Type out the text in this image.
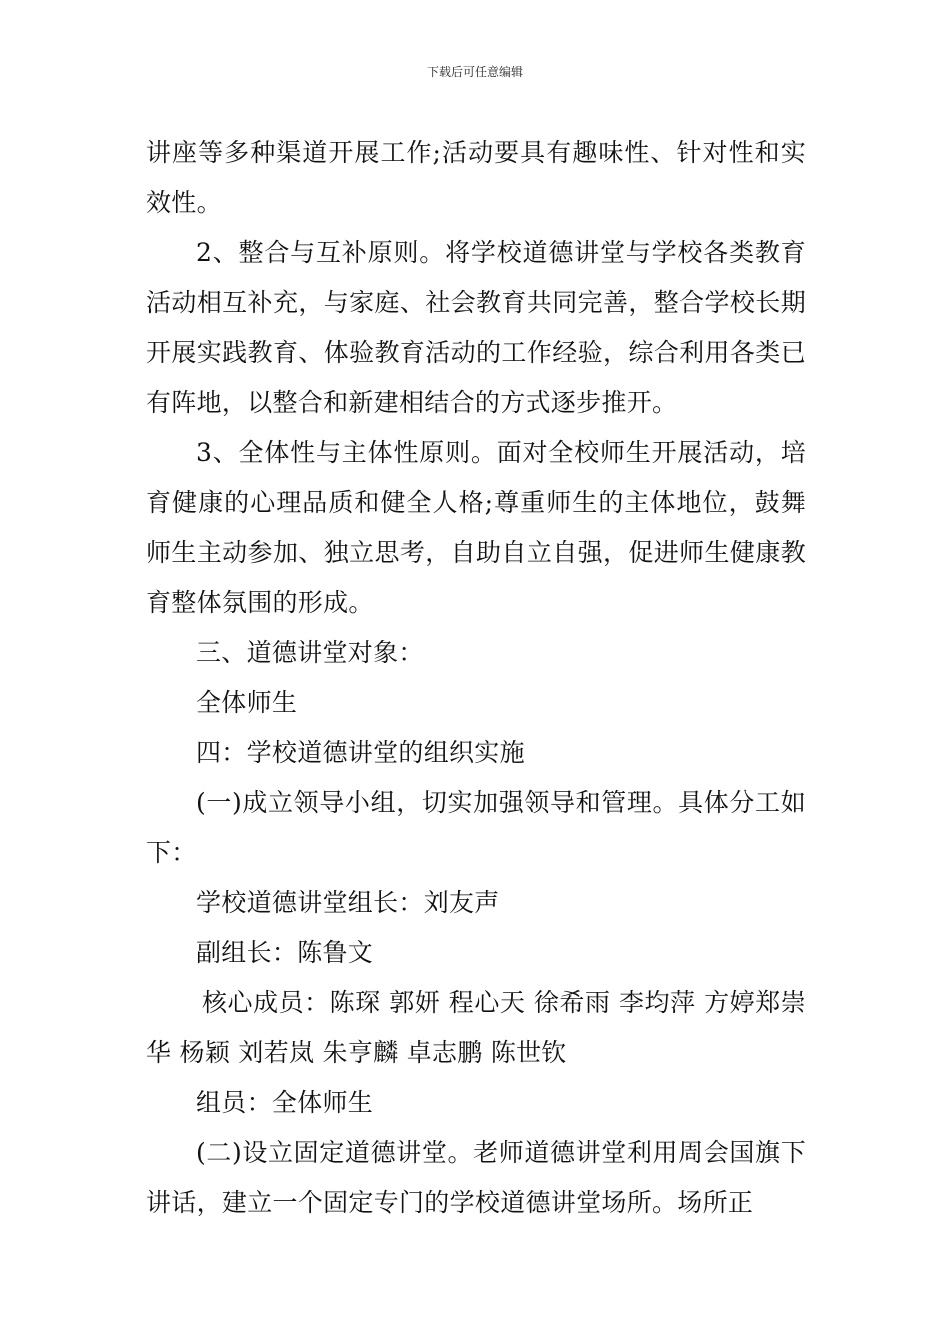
下载后可任意编辑

讲座等多种渠道开展工作;活动要具有趣味性、针对性和实效性。

2、整合与互补原则。将学校道德讲堂与学校各类教育活动相互补充，与家庭、社会教育共同完善，整合学校长期开展实践教育、体验教育活动的工作经验，综合利用各类已有阵地，以整合和新建相结合的方式逐步推开。

3、全体性与主体性原则。面对全校师生开展活动，培育健康的心理品质和健全人格;尊重师生的主体地位，鼓舞师生主动参加、独立思考，自助自立自强，促进师生健康教育整体氛围的形成。

三、道德讲堂对象：

全体师生

四：学校道德讲堂的组织实施

(一)成立领导小组，切实加强领导和管理。具体分工如下：

学校道德讲堂组长：刘友声

副组长：陈鲁文

核心成员：陈琛 郭妍 程心天 徐希雨 李均萍 方婷郑崇华 杨颖 刘若岚 朱亨麟 卓志鹏 陈世钦

组员：全体师生

(二)设立固定道德讲堂。老师道德讲堂利用周会国旗下讲话，建立一个固定专门的学校道德讲堂场所。场所正
